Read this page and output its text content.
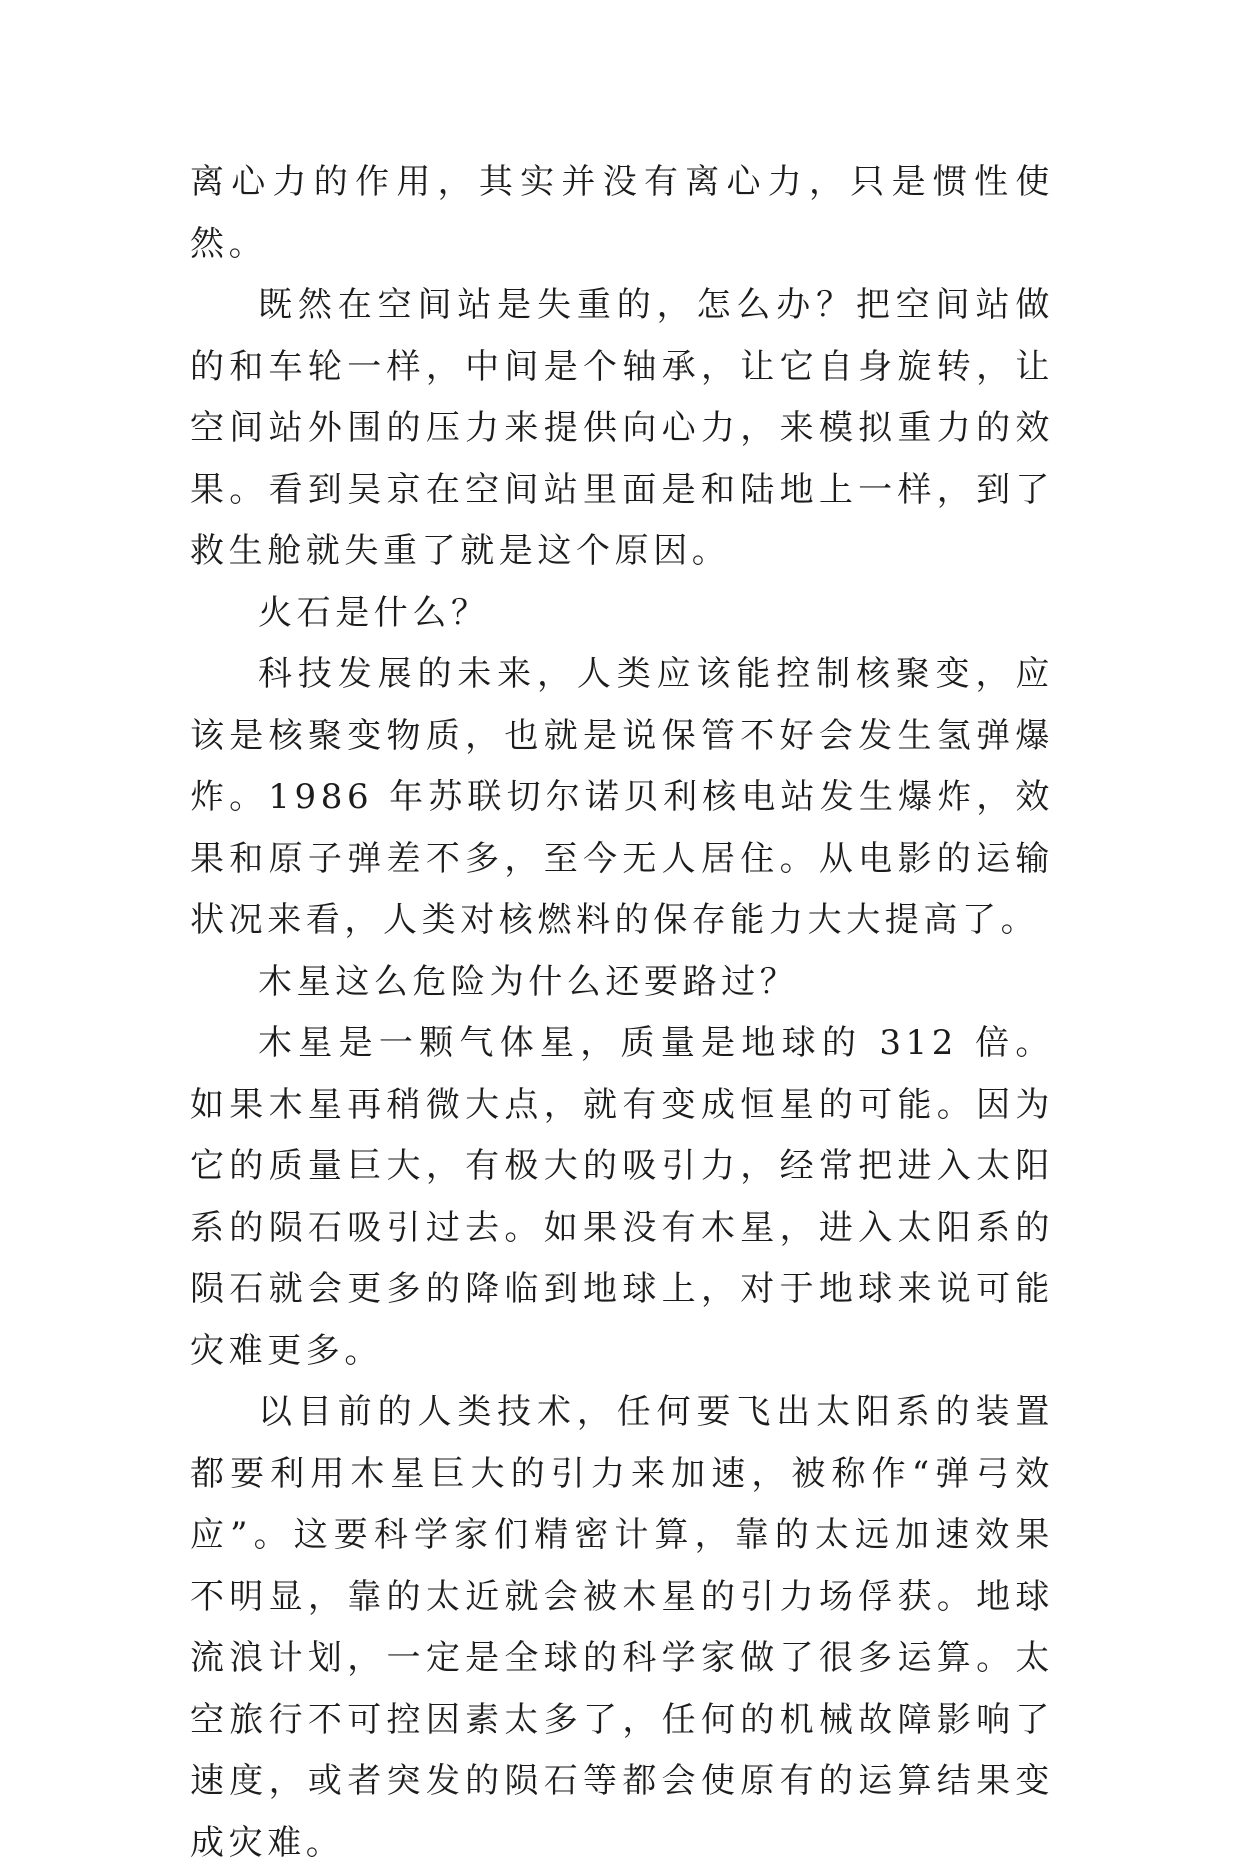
离心力的作用，其实并没有离心力，只是惯性使然。

既然在空间站是失重的，怎么办？把空间站做的和车轮一样，中间是个轴承，让它自身旋转，让空间站外围的压力来提供向心力，来模拟重力的效果。看到吴京在空间站里面是和陆地上一样，到了救生舱就失重了就是这个原因。

火石是什么？

科技发展的未来，人类应该能控制核聚变，应该是核聚变物质，也就是说保管不好会发生氢弹爆炸。1986 年苏联切尔诺贝利核电站发生爆炸，效果和原子弹差不多，至今无人居住。从电影的运输状况来看，人类对核燃料的保存能力大大提高了。

木星这么危险为什么还要路过？

木星是一颗气体星，质量是地球的 312 倍。如果木星再稍微大点，就有变成恒星的可能。因为它的质量巨大，有极大的吸引力，经常把进入太阳系的陨石吸引过去。如果没有木星，进入太阳系的陨石就会更多的降临到地球上，对于地球来说可能灾难更多。

以目前的人类技术，任何要飞出太阳系的装置都要利用木星巨大的引力来加速，被称作“弹弓效应”。这要科学家们精密计算，靠的太远加速效果不明显，靠的太近就会被木星的引力场俘获。地球流浪计划，一定是全球的科学家做了很多运算。太空旅行不可控因素太多了，任何的机械故障影响了速度，或者突发的陨石等都会使原有的运算结果变成灾难。
